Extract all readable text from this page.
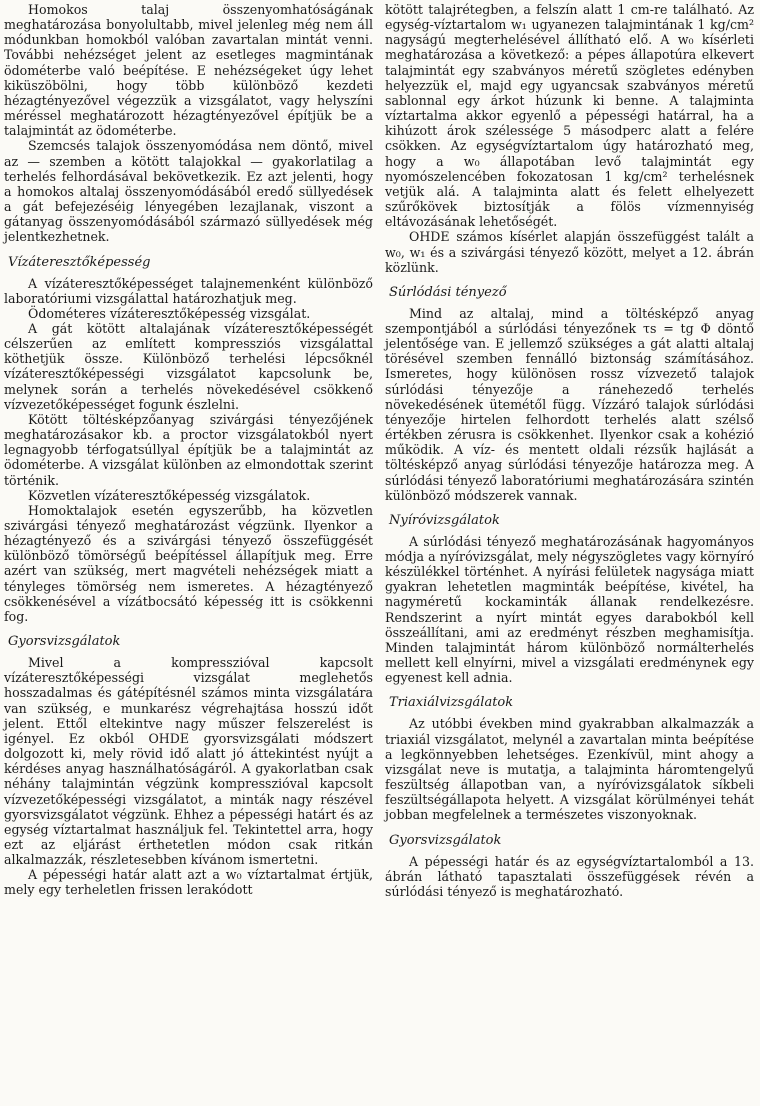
Homokos talaj összenyomhatóságának meghatározása bonyolultabb, mivel jelenleg még nem áll módunkban homokból valóban zavartalan mintát venni. További nehézséget jelent az esetleges magmintának ödométerbe való beépítése. E nehézségeket úgy lehet kiküszöbölni, hogy több különböző kezdeti hézagtényezővel végezzük a vizsgálatot, vagy helyszíni méréssel meghatározott hézagtényezővel építjük be a talajmintát az ödométerbe.

Szemcsés talajok összenyomódása nem döntő, mivel az — szemben a kötött talajokkal — gyakorlatilag a terhelés felhordásával bekövetkezik. Ez azt jelenti, hogy a homokos altalaj összenyomódásából eredő süllyedések a gát befejezéséig lényegében lezajlanak, viszont a gátanyag összenyomódásából származó süllyedések még jelentkezhetnek.

Vízáteresztőképesség

A vízáteresztőképességet talajnemenként különböző laboratóriumi vizsgálattal határozhatjuk meg.

Ödométeres vízáteresztőképesség vizsgálat.

A gát kötött altalajának vízáteresztőképességét célszerűen az említett kompressziós vizsgálattal köthetjük össze. Különböző terhelési lépcsőknél vízáteresztőképességi vizsgálatot kapcsolunk be, melynek során a terhelés növekedésével csökkenő vízvezetőképességet fogunk észlelni.

Kötött töltésképzőanyag szivárgási tényezőjének meghatározásakor kb. a proctor vizsgálatokból nyert legnagyobb térfogatsúllyal építjük be a talajmintát az ödométerbe. A vizsgálat különben az elmondottak szerint történik.

Közvetlen vízáteresztőképesség vizsgálatok.

Homoktalajok esetén egyszerűbb, ha közvetlen szivárgási tényező meghatározást végzünk. Ilyenkor a hézagtényező és a szivárgási tényező összefüggését különböző tömörségű beépítéssel állapítjuk meg. Erre azért van szükség, mert magvételi nehézségek miatt a tényleges tömörség nem ismeretes. A hézagtényező csökkenésével a vízátbocsátó képesség itt is csökkenni fog.

Gyorsvizsgálatok

Mivel a kompresszióval kapcsolt vízáteresztőképességi vizsgálat meglehetős hosszadalmas és gátépítésnél számos minta vizsgálatára van szükség, e munkarész végrehajtása hosszú időt jelent. Ettől eltekintve nagy műszer felszerelést is igényel. Ez okból OHDE gyorsvizsgálati módszert dolgozott ki, mely rövid idő alatt jó áttekintést nyújt a kérdéses anyag használhatóságáról. A gyakorlatban csak néhány talajmintán végzünk kompresszióval kapcsolt vízvezetőképességi vizsgálatot, a minták nagy részével gyorsvizsgálatot végzünk. Ehhez a pépességi határt és az egység víztartalmat használjuk fel. Tekintettel arra, hogy ezt az eljárást érthetetlen módon csak ritkán alkalmazzák, részletesebben kívánom ismertetni.

A pépességi határ alatt azt a w₀ víztartalmat értjük, mely egy terheletlen frissen lerakódott

kötött talajrétegben, a felszín alatt 1 cm-re található. Az egység-víztartalom w₁ ugyanezen talajmintának 1 kg/cm² nagyságú megterhelésével állítható elő. A w₀ kísérleti meghatározása a következő: a pépes állapotúra elkevert talajmintát egy szabványos méretű szögletes edényben helyezzük el, majd egy ugyancsak szabványos méretű sablonnal egy árkot húzunk ki benne. A talajminta víztartalma akkor egyenlő a pépességi határral, ha a kihúzott árok szélessége 5 másodperc alatt a felére csökken. Az egységvíztartalom úgy határozható meg, hogy a w₀ állapotában levő talajmintát egy nyomószelencében fokozatosan 1 kg/cm² terhelésnek vetjük alá. A talajminta alatt és felett elhelyezett szűrőkövek biztosítják a fölös vízmennyiség eltávozásának lehetőségét.

OHDE számos kísérlet alapján összefüggést talált a w₀, w₁ és a szivárgási tényező között, melyet a 12. ábrán közlünk.

Súrlódási tényező

Mind az altalaj, mind a töltésképző anyag szempontjából a súrlódási tényezőnek τs = tg Φ döntő jelentősége van. E jellemző szükséges a gát alatti altalaj törésével szemben fennálló biztonság számításához. Ismeretes, hogy különösen rossz vízvezető talajok súrlódási tényezője a ránehezedő terhelés növekedésének ütemétől függ. Vízzáró talajok súrlódási tényezője hirtelen felhordott terhelés alatt szélső értékben zérusra is csökkenhet. Ilyenkor csak a kohézió működik. A víz- és mentett oldali rézsűk hajlását a töltésképző anyag súrlódási tényezője határozza meg. A súrlódási tényező laboratóriumi meghatározására szintén különböző módszerek vannak.

Nyíróvizsgálatok

A súrlódási tényező meghatározásának hagyományos módja a nyíróvizsgálat, mely négyszögletes vagy környíró készülékkel történhet. A nyírási felületek nagysága miatt gyakran lehetetlen magminták beépítése, kivétel, ha nagyméretű kockaminták állanak rendelkezésre. Rendszerint a nyírt mintát egyes darabokból kell összeállítani, ami az eredményt részben meghamisítja. Minden talajmintát három különböző normálterhelés mellett kell elnyírni, mivel a vizsgálati eredménynek egy egyenest kell adnia.

Triaxiálvizsgálatok

Az utóbbi években mind gyakrabban alkalmazzák a triaxiál vizsgálatot, melynél a zavartalan minta beépítése a legkönnyebben lehetséges. Ezenkívül, mint ahogy a vizsgálat neve is mutatja, a talajminta háromtengelyű feszültség állapotban van, a nyíróvizsgálatok síkbeli feszültségállapota helyett. A vizsgálat körülményei tehát jobban megfelelnek a természetes viszonyoknak.

Gyorsvizsgálatok

A pépességi határ és az egységvíztartalomból a 13. ábrán látható tapasztalati összefüggések révén a súrlódási tényező is meghatározható.
